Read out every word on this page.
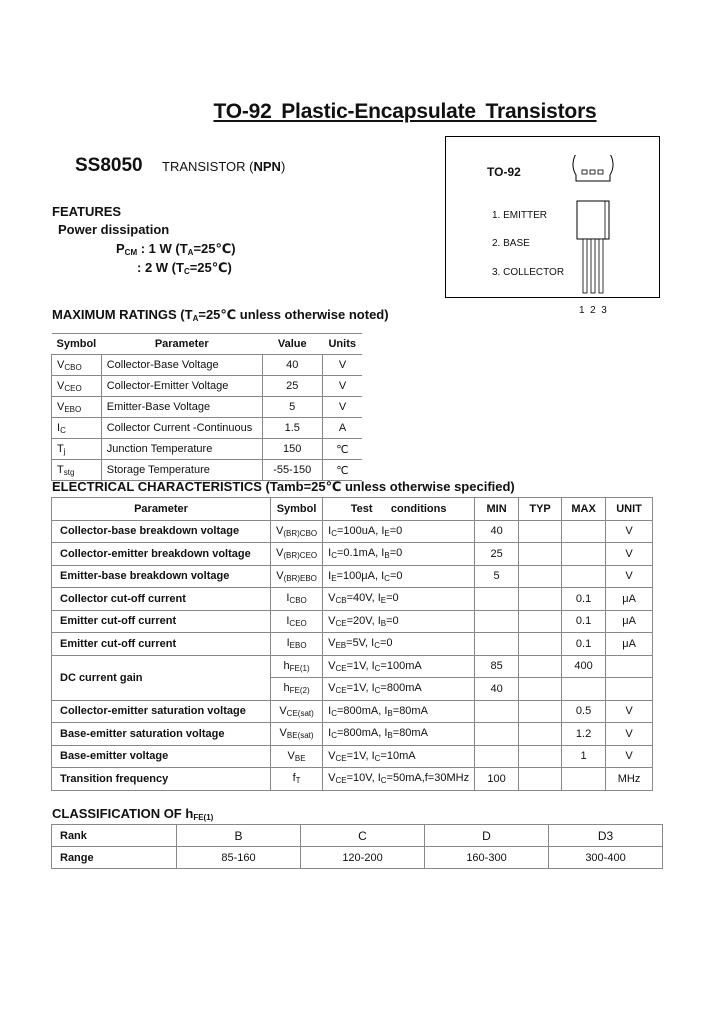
TO-92 Plastic-Encapsulate Transistors
SS8050 TRANSISTOR (NPN)
FEATURES
Power dissipation
$P_{CM}$ : 1 W $(T_A=25℃)$
: 2 W $(T_C=25℃)$
TO-92
1. EMITTER
2. BASE
3. COLLECTOR
1  2  3
MAXIMUM RATINGS ($T_A=25℃$ unless otherwise noted)
Symbol	Parameter	Value	Units
$V_{CBO}$	Collector-Base Voltage	40	V
$V_{CEO}$	Collector-Emitter Voltage	25	V
$V_{EBO}$	Emitter-Base Voltage	5	V
$I_C$	Collector Current -Continuous	1.5	A
$T_j$	Junction Temperature	150	℃
$T_{stg}$	Storage Temperature	-55-150	℃
ELECTRICAL CHARACTERISTICS (Tamb=25℃ unless otherwise specified)
Parameter	Symbol	Test      conditions	MIN	TYP	MAX	UNIT
Collector-base breakdown voltage	$V_{(BR)CBO}$	$I_C=100uA$, $I_E=0$	40			V
Collector-emitter breakdown voltage	$V_{(BR)CEO}$	$I_C=0.1mA$, $I_B=0$	25			V
Emitter-base breakdown voltage	$V_{(BR)EBO}$	$I_E=100\mu A$, $I_C=0$	5			V
Collector cut-off current	$I_{CBO}$	$V_{CB}=40V$, $I_E=0$			0.1	μA
Emitter cut-off current	$I_{CEO}$	$V_{CE}=20V$, $I_B=0$			0.1	μA
Emitter cut-off current	$I_{EBO}$	$V_{EB}=5V$, $I_C=0$			0.1	μA
DC current gain	$h_{FE(1)}$	$V_{CE}=1V$, $I_C=100mA$	85		400	
	$h_{FE(2)}$	$V_{CE}=1V$, $I_C=800mA$	40			
Collector-emitter saturation voltage	$V_{CE(sat)}$	$I_C=800mA$, $I_B=80mA$			0.5	V
Base-emitter saturation voltage	$V_{BE(sat)}$	$I_C=800mA$, $I_B=80mA$			1.2	V
Base-emitter voltage	$V_{BE}$	$V_{CE}=1V$, $I_C=10mA$			1	V
Transition frequency	$f_T$	$V_{CE}=10V$, $I_C=50mA,f=30MHz$	100			MHz
CLASSIFICATION OF $h_{FE(1)}$
Rank	B	C	D	D3
Range	85-160	120-200	160-300	300-400
